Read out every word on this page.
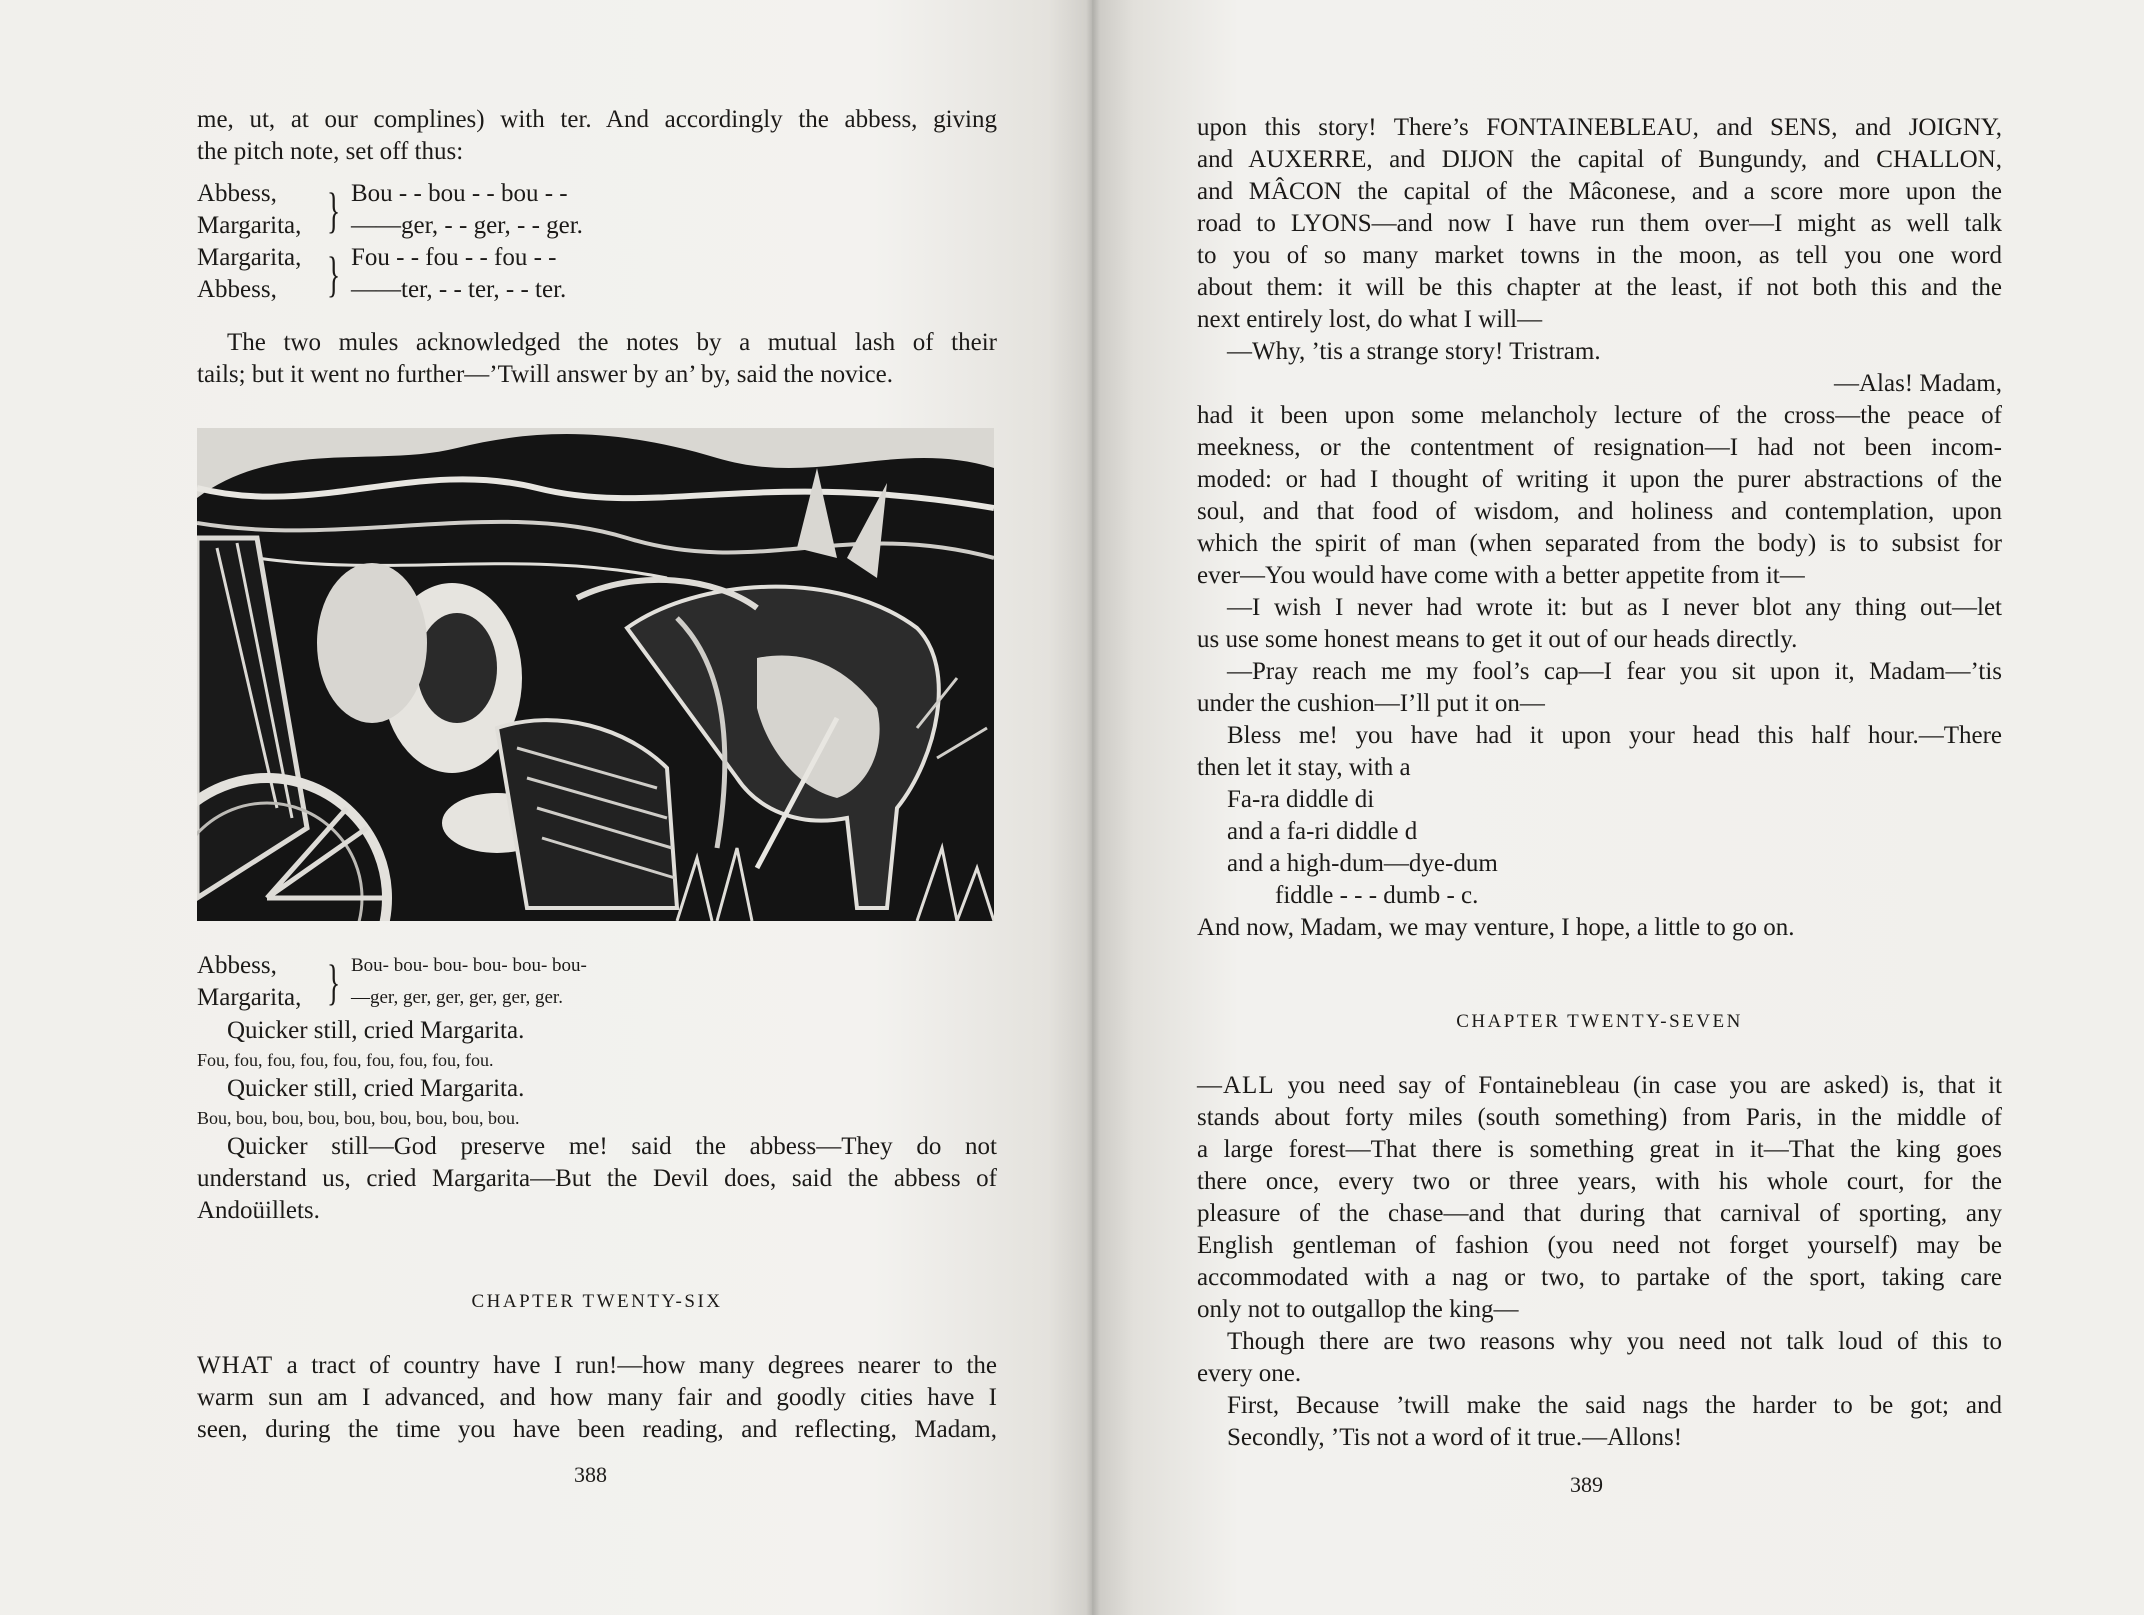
me, ut, at our complines) with ter. And accordingly the abbess, giving
the pitch note, set off thus:
Abbess,
Margarita, } Bou - - bou - - bou - -
——ger, - - ger, - - ger.
Margarita,
Abbess,	} Fou - - fou - - fou - -
——ter, - - ter, - - ter.
The two mules acknowledged the notes by a mutual lash of their
tails; but it went no further—’Twill answer by an’ by, said the novice.
Abbess,
Margarita, } Bou- bou- bou- bou- bou- bou-
—ger, ger, ger, ger, ger, ger.
Quicker still, cried Margarita.
Fou, fou, fou, fou, fou, fou, fou, fou, fou.
Quicker still, cried Margarita.
Bou, bou, bou, bou, bou, bou, bou, bou, bou.
Quicker still—God preserve me! said the abbess—They do not
understand us, cried Margarita—But the Devil does, said the abbess of
Andoüillets.
CHAPTER TWENTY-SIX
WHAT a tract of country have I run!—how many degrees nearer to the
warm sun am I advanced, and how many fair and goodly cities have I
seen, during the time you have been reading, and reflecting, Madam,
388
upon this story! There’s FONTAINEBLEAU, and SENS, and JOIGNY,
and AUXERRE, and DIJON the capital of Bungundy, and CHALLON,
and MÂCON the capital of the Mâconese, and a score more upon the
road to LYONS—and now I have run them over—I might as well talk
to you of so many market towns in the moon, as tell you one word
about them: it will be this chapter at the least, if not both this and the
next entirely lost, do what I will—
—Why, ’tis a strange story! Tristram.
—Alas! Madam,
had it been upon some melancholy lecture of the cross—the peace of
meekness, or the contentment of resignation—I had not been incom-
moded: or had I thought of writing it upon the purer abstractions of the
soul, and that food of wisdom, and holiness and contemplation, upon
which the spirit of man (when separated from the body) is to subsist for
ever—You would have come with a better appetite from it—
—I wish I never had wrote it: but as I never blot any thing out—let
us use some honest means to get it out of our heads directly.
—Pray reach me my fool’s cap—I fear you sit upon it, Madam—’tis
under the cushion—I’ll put it on—
Bless me! you have had it upon your head this half hour.—There
then let it stay, with a
Fa-ra diddle di
and a fa-ri diddle d
and a high-dum—dye-dum
fiddle - - - dumb - c.
And now, Madam, we may venture, I hope, a little to go on.
CHAPTER TWENTY-SEVEN
—ALL you need say of Fontainebleau (in case you are asked) is, that it
stands about forty miles (south something) from Paris, in the middle of
a large forest—That there is something great in it—That the king goes
there once, every two or three years, with his whole court, for the
pleasure of the chase—and that during that carnival of sporting, any
English gentleman of fashion (you need not forget yourself) may be
accommodated with a nag or two, to partake of the sport, taking care
only not to outgallop the king—
Though there are two reasons why you need not talk loud of this to
every one.
First, Because ’twill make the said nags the harder to be got; and
Secondly, ’Tis not a word of it true.—Allons!
389
